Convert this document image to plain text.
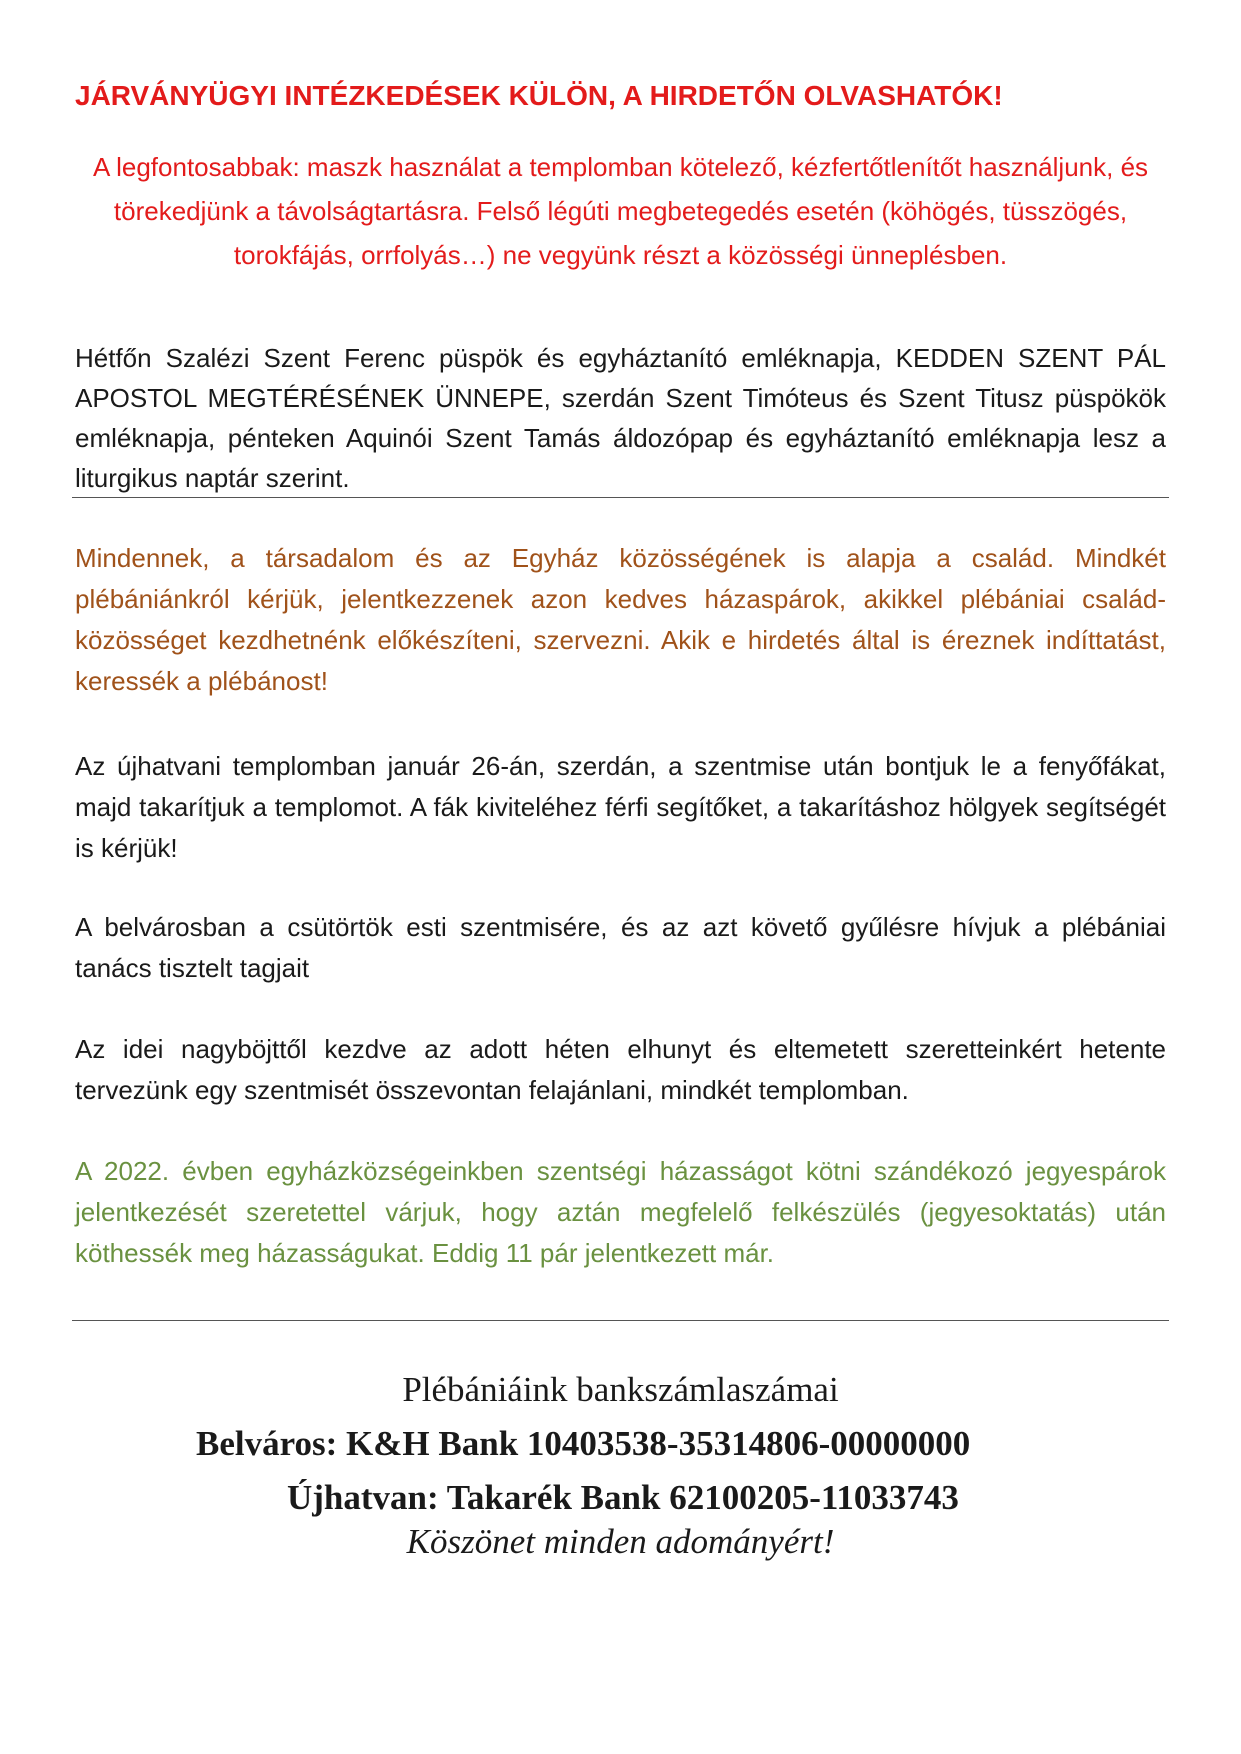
JÁRVÁNYÜGYI INTÉZKEDÉSEK KÜLÖN, A HIRDETŐN OLVASHATÓK!
A legfontosabbak: maszk használat a templomban kötelező, kézfertőtlenítőt használjunk, és törekedjünk a távolságtartásra. Felső légúti megbetegedés esetén (köhögés, tüsszögés, torokfájás, orrfolyás…) ne vegyünk részt a közösségi ünneplésben.
Hétfőn Szalézi Szent Ferenc püspök és egyháztanító emléknapja, KEDDEN SZENT PÁL APOSTOL MEGTÉRÉSÉNEK ÜNNEPE, szerdán Szent Timóteus és Szent Titusz püspökök emléknapja, pénteken Aquinói Szent Tamás áldozópap és egyháztanító emléknapja lesz a liturgikus naptár szerint.
Mindennek, a társadalom és az Egyház közösségének is alapja a család. Mindkét plébániánkról kérjük, jelentkezzenek azon kedves házaspárok, akikkel plébániai család-közösséget kezdhetnénk előkészíteni, szervezni. Akik e hirdetés által is éreznek indíttatást, keressék a plébánost!
Az újhatvani templomban január 26-án, szerdán, a szentmise után bontjuk le a fenyőfákat, majd takarítjuk a templomot. A fák kiviteléhez férfi segítőket, a takarításhoz hölgyek segítségét is kérjük!
A belvárosban a csütörtök esti szentmisére, és az azt követő gyűlésre hívjuk a plébániai tanács tisztelt tagjait
Az idei nagyböjttől kezdve az adott héten elhunyt és eltemetett szeretteinkért hetente tervezünk egy szentmisét összevontan felajánlani, mindkét templomban.
A 2022. évben egyházközségeinkben szentségi házasságot kötni szándékozó jegyespárok jelentkezését szeretettel várjuk, hogy aztán megfelelő felkészülés (jegyesoktatás) után köthessék meg házasságukat. Eddig 11 pár jelentkezett már.
Plébániáink bankszámlaszámai
Belváros: K&H Bank 10403538-35314806-00000000
Újhatvan: Takarék Bank 62100205-11033743
Köszönet minden adományért!
